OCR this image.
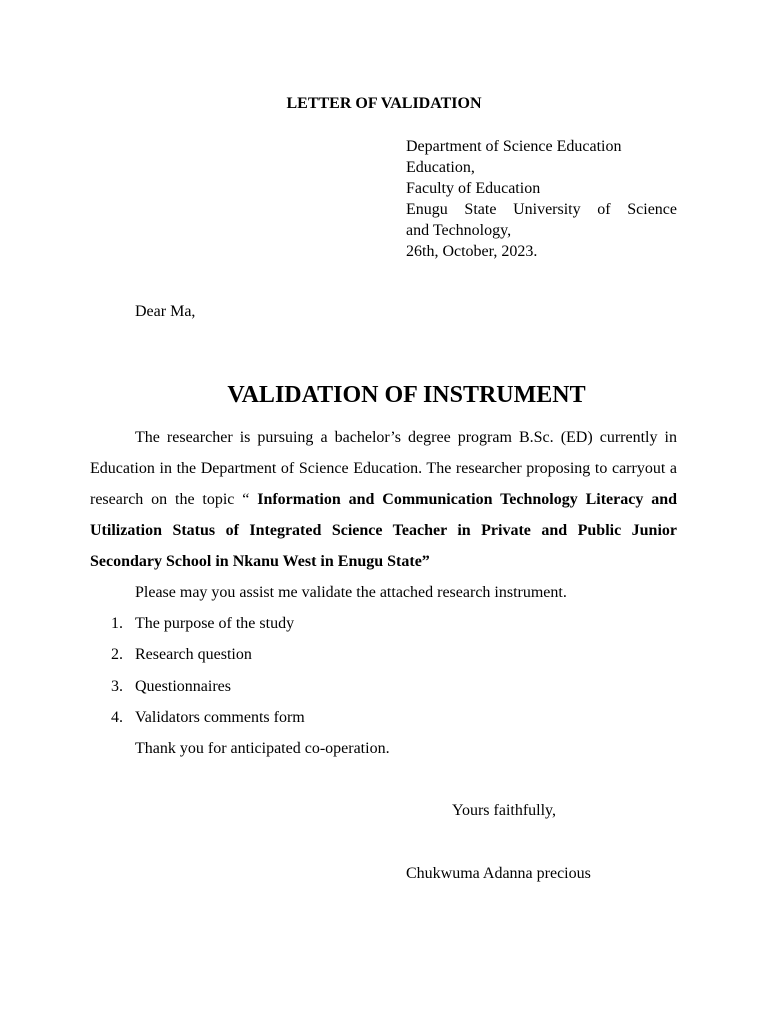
LETTER OF VALIDATION
Department of Science Education
Education,
Faculty of Education
Enugu State University of Science
and Technology,
26th, October, 2023.
Dear Ma,
VALIDATION OF INSTRUMENT

The researcher is pursuing a bachelor’s degree program B.Sc. (ED) currently in Education in the Department of Science Education. The researcher proposing to carryout a research on the topic “ Information and Communication Technology Literacy and Utilization Status of Integrated Science Teacher in Private and Public Junior Secondary School in Nkanu West in Enugu State”

Please may you assist me validate the attached research instrument.

1. The purpose of the study
2. Research question
3. Questionnaires
4. Validators comments form

Thank you for anticipated co-operation.

Yours faithfully,
Chukwuma Adanna precious
